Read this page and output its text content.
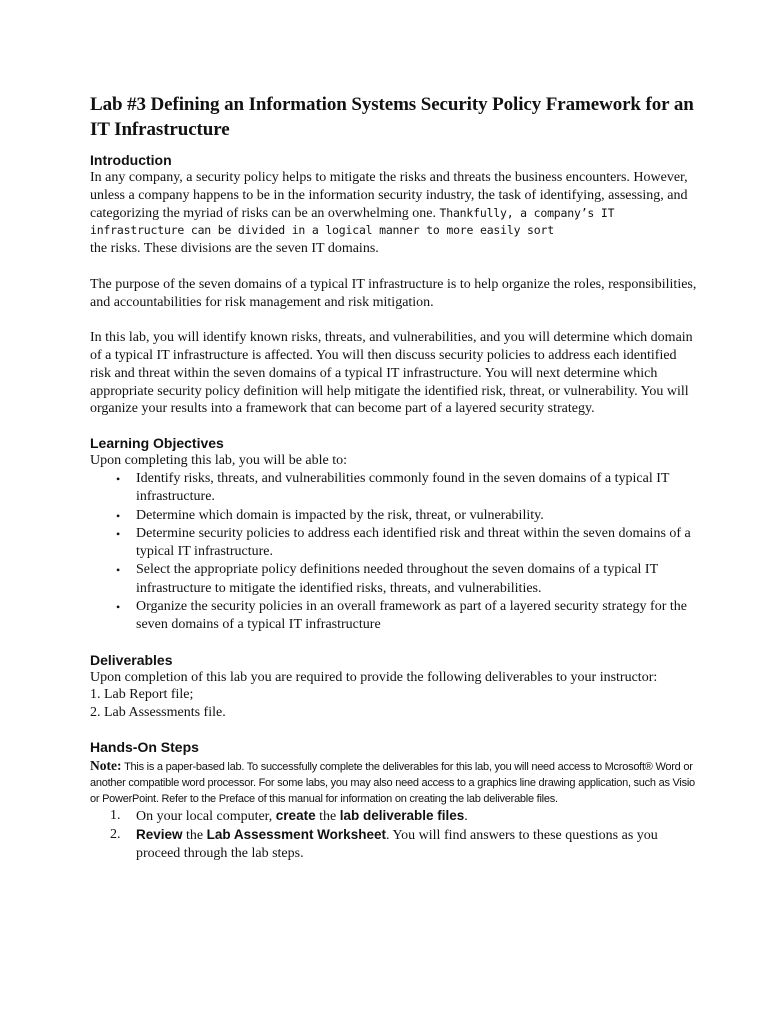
Lab #3 Defining an Information Systems Security Policy Framework for an IT Infrastructure
Introduction

In any company, a security policy helps to mitigate the risks and threats the business encounters. However, unless a company happens to be in the information security industry, the task of identifying, assessing, and categorizing the myriad of risks can be an overwhelming one. Thankfully, a company’s IT infrastructure can be divided in a logical manner to more easily sort
the risks. These divisions are the seven IT domains.

The purpose of the seven domains of a typical IT infrastructure is to help organize the roles, responsibilities, and accountabilities for risk management and risk mitigation.

In this lab, you will identify known risks, threats, and vulnerabilities, and you will determine which domain of a typical IT infrastructure is affected. You will then discuss security policies to address each identified risk and threat within the seven domains of a typical IT infrastructure. You will next determine which appropriate security policy definition will help mitigate the identified risk, threat, or vulnerability. You will organize your results into a framework that can become part of a layered security strategy.

Learning Objectives

Upon completing this lab, you will be able to:

• Identify risks, threats, and vulnerabilities commonly found in the seven domains of a typical IT infrastructure.
• Determine which domain is impacted by the risk, threat, or vulnerability.
• Determine security policies to address each identified risk and threat within the seven domains of a typical IT infrastructure.
• Select the appropriate policy definitions needed throughout the seven domains of a typical IT infrastructure to mitigate the identified risks, threats, and vulnerabilities.
• Organize the security policies in an overall framework as part of a layered security strategy for the seven domains of a typical IT infrastructure
Deliverables

Upon completion of this lab you are required to provide the following deliverables to your instructor:

1. Lab Report file;

2. Lab Assessments file.

Hands-On Steps
Note: This is a paper-based lab. To successfully complete the deliverables for this lab, you will need access to Mcrosoft® Word or another compatible word processor. For some labs, you may also need access to a graphics line drawing application, such as Visio or PowerPoint. Refer to the Preface of this manual for information on creating the lab deliverable files.
1. On your local computer, create the lab deliverable files.
2. Review the Lab Assessment Worksheet. You will find answers to these questions as you proceed through the lab steps.
